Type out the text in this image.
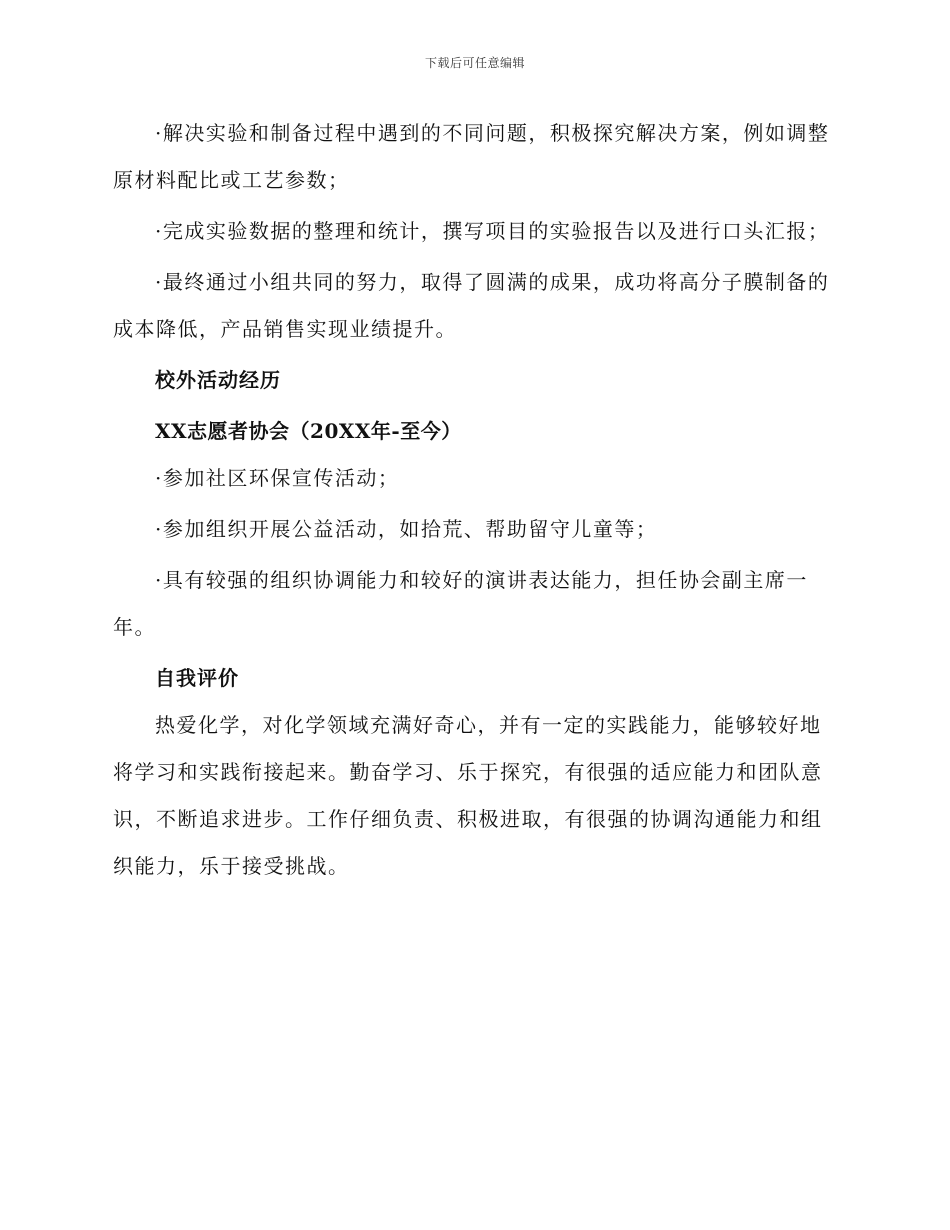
下载后可任意编辑

·解决实验和制备过程中遇到的不同问题，积极探究解决方案，例如调整原材料配比或工艺参数；

·完成实验数据的整理和统计，撰写项目的实验报告以及进行口头汇报；

·最终通过小组共同的努力，取得了圆满的成果，成功将高分子膜制备的成本降低，产品销售实现业绩提升。

校外活动经历
XX志愿者协会（20XX年-至今）

·参加社区环保宣传活动；

·参加组织开展公益活动，如拾荒、帮助留守儿童等；

·具有较强的组织协调能力和较好的演讲表达能力，担任协会副主席一年。

自我评价

热爱化学，对化学领域充满好奇心，并有一定的实践能力，能够较好地将学习和实践衔接起来。勤奋学习、乐于探究，有很强的适应能力和团队意识，不断追求进步。工作仔细负责、积极进取，有很强的协调沟通能力和组织能力，乐于接受挑战。
